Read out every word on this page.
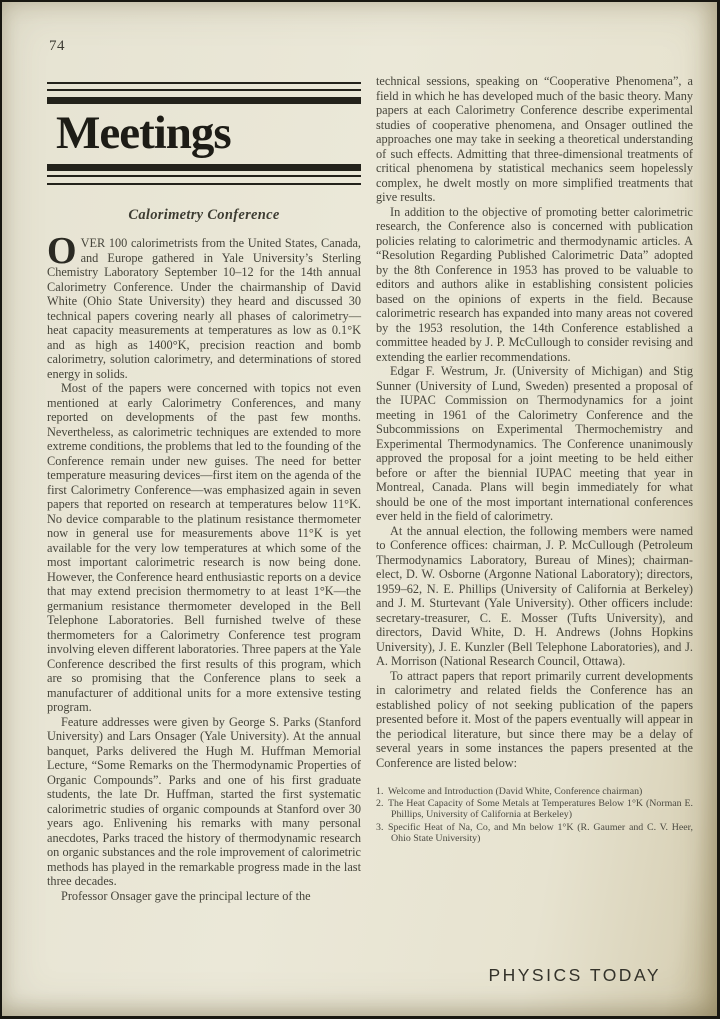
74
Meetings
Calorimetry Conference

OVER 100 calorimetrists from the United States, Canada, and Europe gathered in Yale University’s Sterling Chemistry Laboratory September 10–12 for the 14th annual Calorimetry Conference. Under the chairmanship of David White (Ohio State University) they heard and discussed 30 technical papers covering nearly all phases of calorimetry—heat capacity measurements at temperatures as low as 0.1°K and as high as 1400°K, precision reaction and bomb calorimetry, solution calorimetry, and determinations of stored energy in solids.

Most of the papers were concerned with topics not even mentioned at early Calorimetry Conferences, and many reported on developments of the past few months. Nevertheless, as calorimetric techniques are extended to more extreme conditions, the problems that led to the founding of the Conference remain under new guises. The need for better temperature measuring devices—first item on the agenda of the first Calorimetry Conference—was emphasized again in seven papers that reported on research at temperatures below 11°K. No device comparable to the platinum resistance thermometer now in general use for measurements above 11°K is yet available for the very low temperatures at which some of the most important calorimetric research is now being done. However, the Conference heard enthusiastic reports on a device that may extend precision thermometry to at least 1°K—the germanium resistance thermometer developed in the Bell Telephone Laboratories. Bell furnished twelve of these thermometers for a Calorimetry Conference test program involving eleven different laboratories. Three papers at the Yale Conference described the first results of this program, which are so promising that the Conference plans to seek a manufacturer of additional units for a more extensive testing program.

Feature addresses were given by George S. Parks (Stanford University) and Lars Onsager (Yale University). At the annual banquet, Parks delivered the Hugh M. Huffman Memorial Lecture, “Some Remarks on the Thermodynamic Properties of Organic Compounds”. Parks and one of his first graduate students, the late Dr. Huffman, started the first systematic calorimetric studies of organic compounds at Stanford over 30 years ago. Enlivening his remarks with many personal anecdotes, Parks traced the history of thermodynamic research on organic substances and the role improvement of calorimetric methods has played in the remarkable progress made in the last three decades.

Professor Onsager gave the principal lecture of the

technical sessions, speaking on “Cooperative Phenomena”, a field in which he has developed much of the basic theory. Many papers at each Calorimetry Conference describe experimental studies of cooperative phenomena, and Onsager outlined the approaches one may take in seeking a theoretical understanding of such effects. Admitting that three-dimensional treatments of critical phenomena by statistical mechanics seem hopelessly complex, he dwelt mostly on more simplified treatments that give results.

In addition to the objective of promoting better calorimetric research, the Conference also is concerned with publication policies relating to calorimetric and thermodynamic articles. A “Resolution Regarding Published Calorimetric Data” adopted by the 8th Conference in 1953 has proved to be valuable to editors and authors alike in establishing consistent policies based on the opinions of experts in the field. Because calorimetric research has expanded into many areas not covered by the 1953 resolution, the 14th Conference established a committee headed by J. P. McCullough to consider revising and extending the earlier recommendations.

Edgar F. Westrum, Jr. (University of Michigan) and Stig Sunner (University of Lund, Sweden) presented a proposal of the IUPAC Commission on Thermodynamics for a joint meeting in 1961 of the Calorimetry Conference and the Subcommissions on Experimental Thermochemistry and Experimental Thermodynamics. The Conference unanimously approved the proposal for a joint meeting to be held either before or after the biennial IUPAC meeting that year in Montreal, Canada. Plans will begin immediately for what should be one of the most important international conferences ever held in the field of calorimetry.

At the annual election, the following members were named to Conference offices: chairman, J. P. McCullough (Petroleum Thermodynamics Laboratory, Bureau of Mines); chairman-elect, D. W. Osborne (Argonne National Laboratory); directors, 1959–62, N. E. Phillips (University of California at Berkeley) and J. M. Sturtevant (Yale University). Other officers include: secretary-treasurer, C. E. Mosser (Tufts University), and directors, David White, D. H. Andrews (Johns Hopkins University), J. E. Kunzler (Bell Telephone Laboratories), and J. A. Morrison (National Research Council, Ottawa).

To attract papers that report primarily current developments in calorimetry and related fields the Conference has an established policy of not seeking publication of the papers presented before it. Most of the papers eventually will appear in the periodical literature, but since there may be a delay of several years in some instances the papers presented at the Conference are listed below:

1. Welcome and Introduction (David White, Conference chairman)
2. The Heat Capacity of Some Metals at Temperatures Below 1°K (Norman E. Phillips, University of California at Berkeley)
3. Specific Heat of Na, Co, and Mn below 1°K (R. Gaumer and C. V. Heer, Ohio State University)
PHYSICS TODAY
